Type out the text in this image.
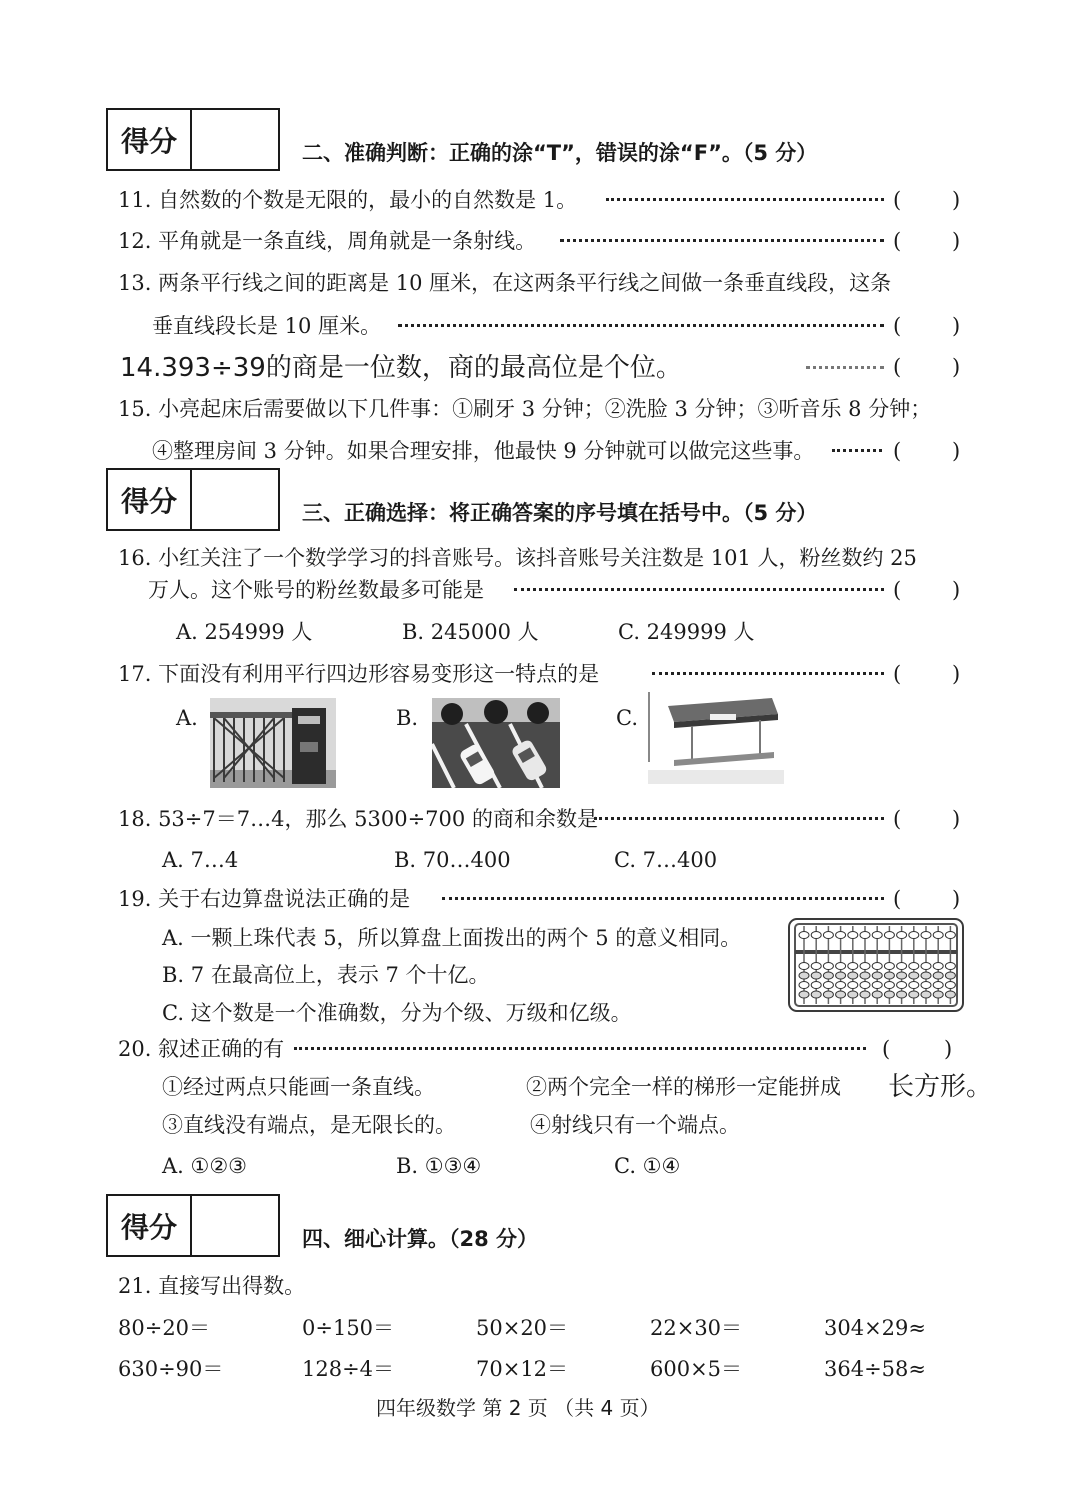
得分	二、准确判断：正确的涂“T”，错误的涂“F”。（5 分）
11. 自然数的个数是无限的，最小的自然数是 1。	( )
12. 平角就是一条直线，周角就是一条射线。	( )
13. 两条平行线之间的距离是 10 厘米，在这两条平行线之间做一条垂直线段，这条
垂直线段长是 10 厘米。	( )
14.393÷39的商是一位数，商的最高位是个位。	( )
15. 小亮起床后需要做以下几件事：①刷牙 3 分钟；②洗脸 3 分钟；③听音乐 8 分钟；
④整理房间 3 分钟。如果合理安排，他最快 9 分钟就可以做完这些事。	( )
得分	三、正确选择：将正确答案的序号填在括号中。（5 分）
16. 小红关注了一个数学学习的抖音账号。该抖音账号关注数是 101 人，粉丝数约 25
万人。这个账号的粉丝数最多可能是	( )
A. 254999 人	B. 245000 人	C. 249999 人
17. 下面没有利用平行四边形容易变形这一特点的是	( )
A.	B.	C.
18. 53÷7＝7…4，那么 5300÷700 的商和余数是	( )
A. 7…4	B. 70…400	C. 7…400
19. 关于右边算盘说法正确的是	( )
A. 一颗上珠代表 5，所以算盘上面拨出的两个 5 的意义相同。
B. 7 在最高位上，表示 7 个十亿。
C. 这个数是一个准确数，分为个级、万级和亿级。
20. 叙述正确的有	(	)
①经过两点只能画一条直线。	②两个完全一样的梯形一定能拼成 长方形。
③直线没有端点，是无限长的。	④射线只有一个端点。
A. ①②③	B. ①③④	C. ①④
得分	四、细心计算。（28 分）
21. 直接写出得数。
80÷20＝	0÷150＝	50×20＝	22×30＝	304×29≈
630÷90＝	128÷4＝	70×12＝	600×5＝	364÷58≈
四年级数学 第 2 页 （共 4 页）
